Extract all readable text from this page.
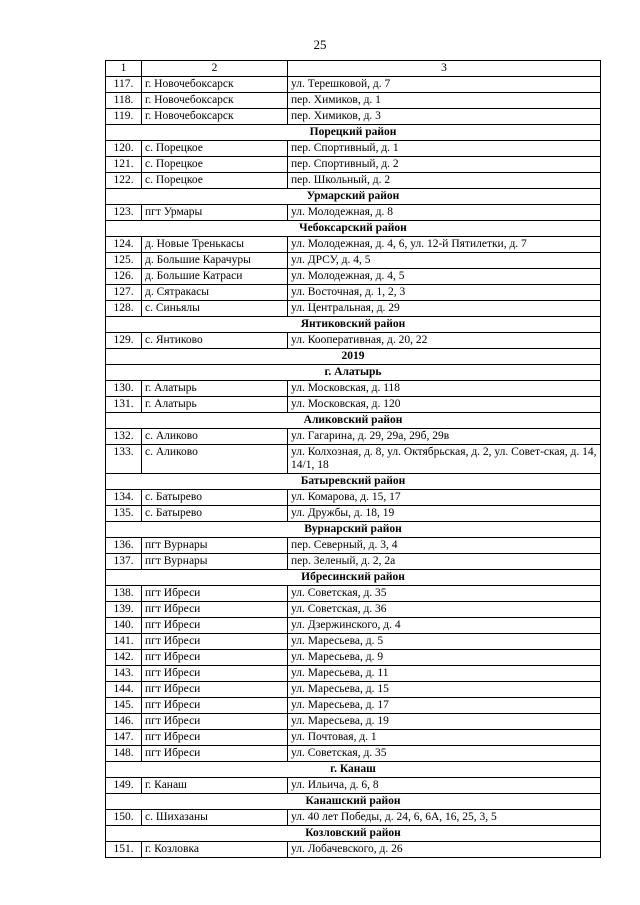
25
1	2	3
117.	г. Новочебоксарск	ул. Терешковой, д. 7
118.	г. Новочебоксарск	пер. Химиков, д. 1
119.	г. Новочебоксарск	пер. Химиков, д. 3
Порецкий район		
120.	с. Порецкое	пер. Спортивный, д. 1
121.	с. Порецкое	пер. Спортивный, д. 2
122.	с. Порецкое	пер. Школьный, д. 2
Урмарский район		
123.	пгт Урмары	ул. Молодежная, д. 8
Чебоксарский район		
124.	д. Новые Тренькасы	ул. Молодежная, д. 4, 6, ул. 12-й Пятилетки, д. 7
125.	д. Большие Карачуры	ул. ДРСУ, д. 4, 5
126.	д. Большие Катраси	ул. Молодежная, д. 4, 5
127.	д. Сятракасы	ул. Восточная, д. 1, 2, 3
128.	с. Синьялы	ул. Центральная, д. 29
Янтиковский район		
129.	с. Янтиково	ул. Кооперативная, д. 20, 22
2019		
г. Алатырь		
130.	г. Алатырь	ул. Московская, д. 118
131.	г. Алатырь	ул. Московская, д. 120
Аликовский район		
132.	с. Аликово	ул. Гагарина, д. 29, 29а, 29б, 29в
133.	с. Аликово	ул. Колхозная, д. 8, ул. Октябрьская, д. 2, ул. Совет-ская, д. 14, 14/1, 18
Батыревский район		
134.	с. Батырево	ул. Комарова, д. 15, 17
135.	с. Батырево	ул. Дружбы, д. 18, 19
Вурнарский район		
136.	пгт Вурнары	пер. Северный, д. 3, 4
137.	пгт Вурнары	пер. Зеленый, д. 2, 2а
Ибресинский район		
138.	пгт Ибреси	ул. Советская, д. 35
139.	пгт Ибреси	ул. Советская, д. 36
140.	пгт Ибреси	ул. Дзержинского, д. 4
141.	пгт Ибреси	ул. Маресьева, д. 5
142.	пгт Ибреси	ул. Маресьева, д. 9
143.	пгт Ибреси	ул. Маресьева, д. 11
144.	пгт Ибреси	ул. Маресьева, д. 15
145.	пгт Ибреси	ул. Маресьева, д. 17
146.	пгт Ибреси	ул. Маресьева, д. 19
147.	пгт Ибреси	ул. Почтовая, д. 1
148.	пгт Ибреси	ул. Советская, д. 35
г. Канаш		
149.	г. Канаш	ул. Ильича, д. 6, 8
Канашский район		
150.	с. Шихазаны	ул. 40 лет Победы, д. 24, 6, 6А, 16, 25, 3, 5
Козловский район		
151.	г. Козловка	ул. Лобачевского, д. 26
